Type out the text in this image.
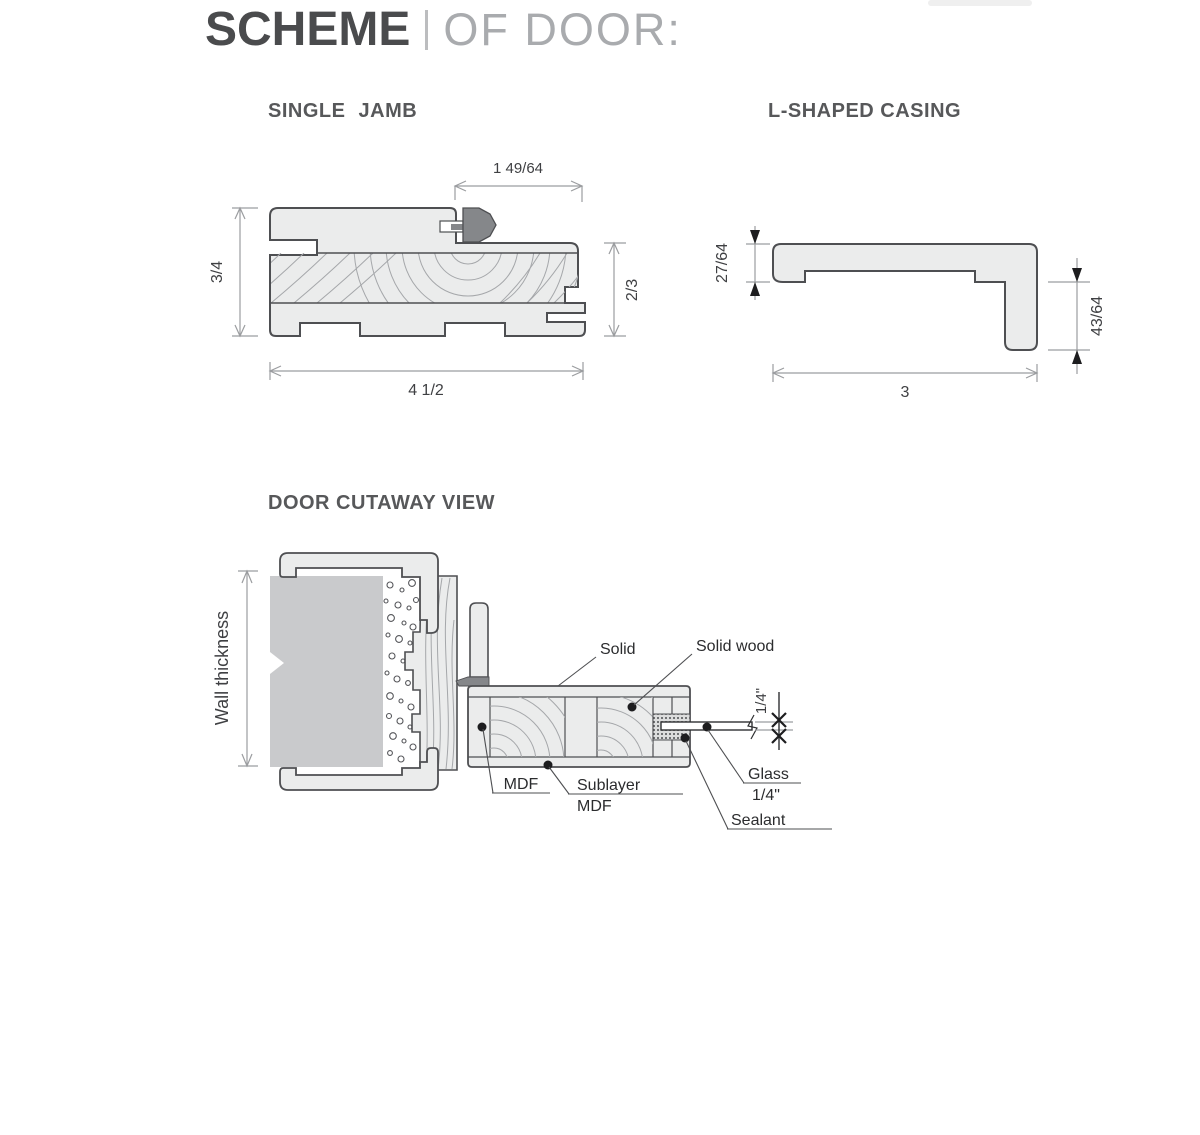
SCHEME OF DOOR:
SINGLE JAMB	L-SHAPED CASING
DOOR CUTAWAY VIEW
3/4
2/3
1 49/64
4 1/2
27/64
43/64
3
1/4"
Wall thickness	Solid	Solid wood
MDF Sublayer
MDF
Glass
1/4"
Sealant
